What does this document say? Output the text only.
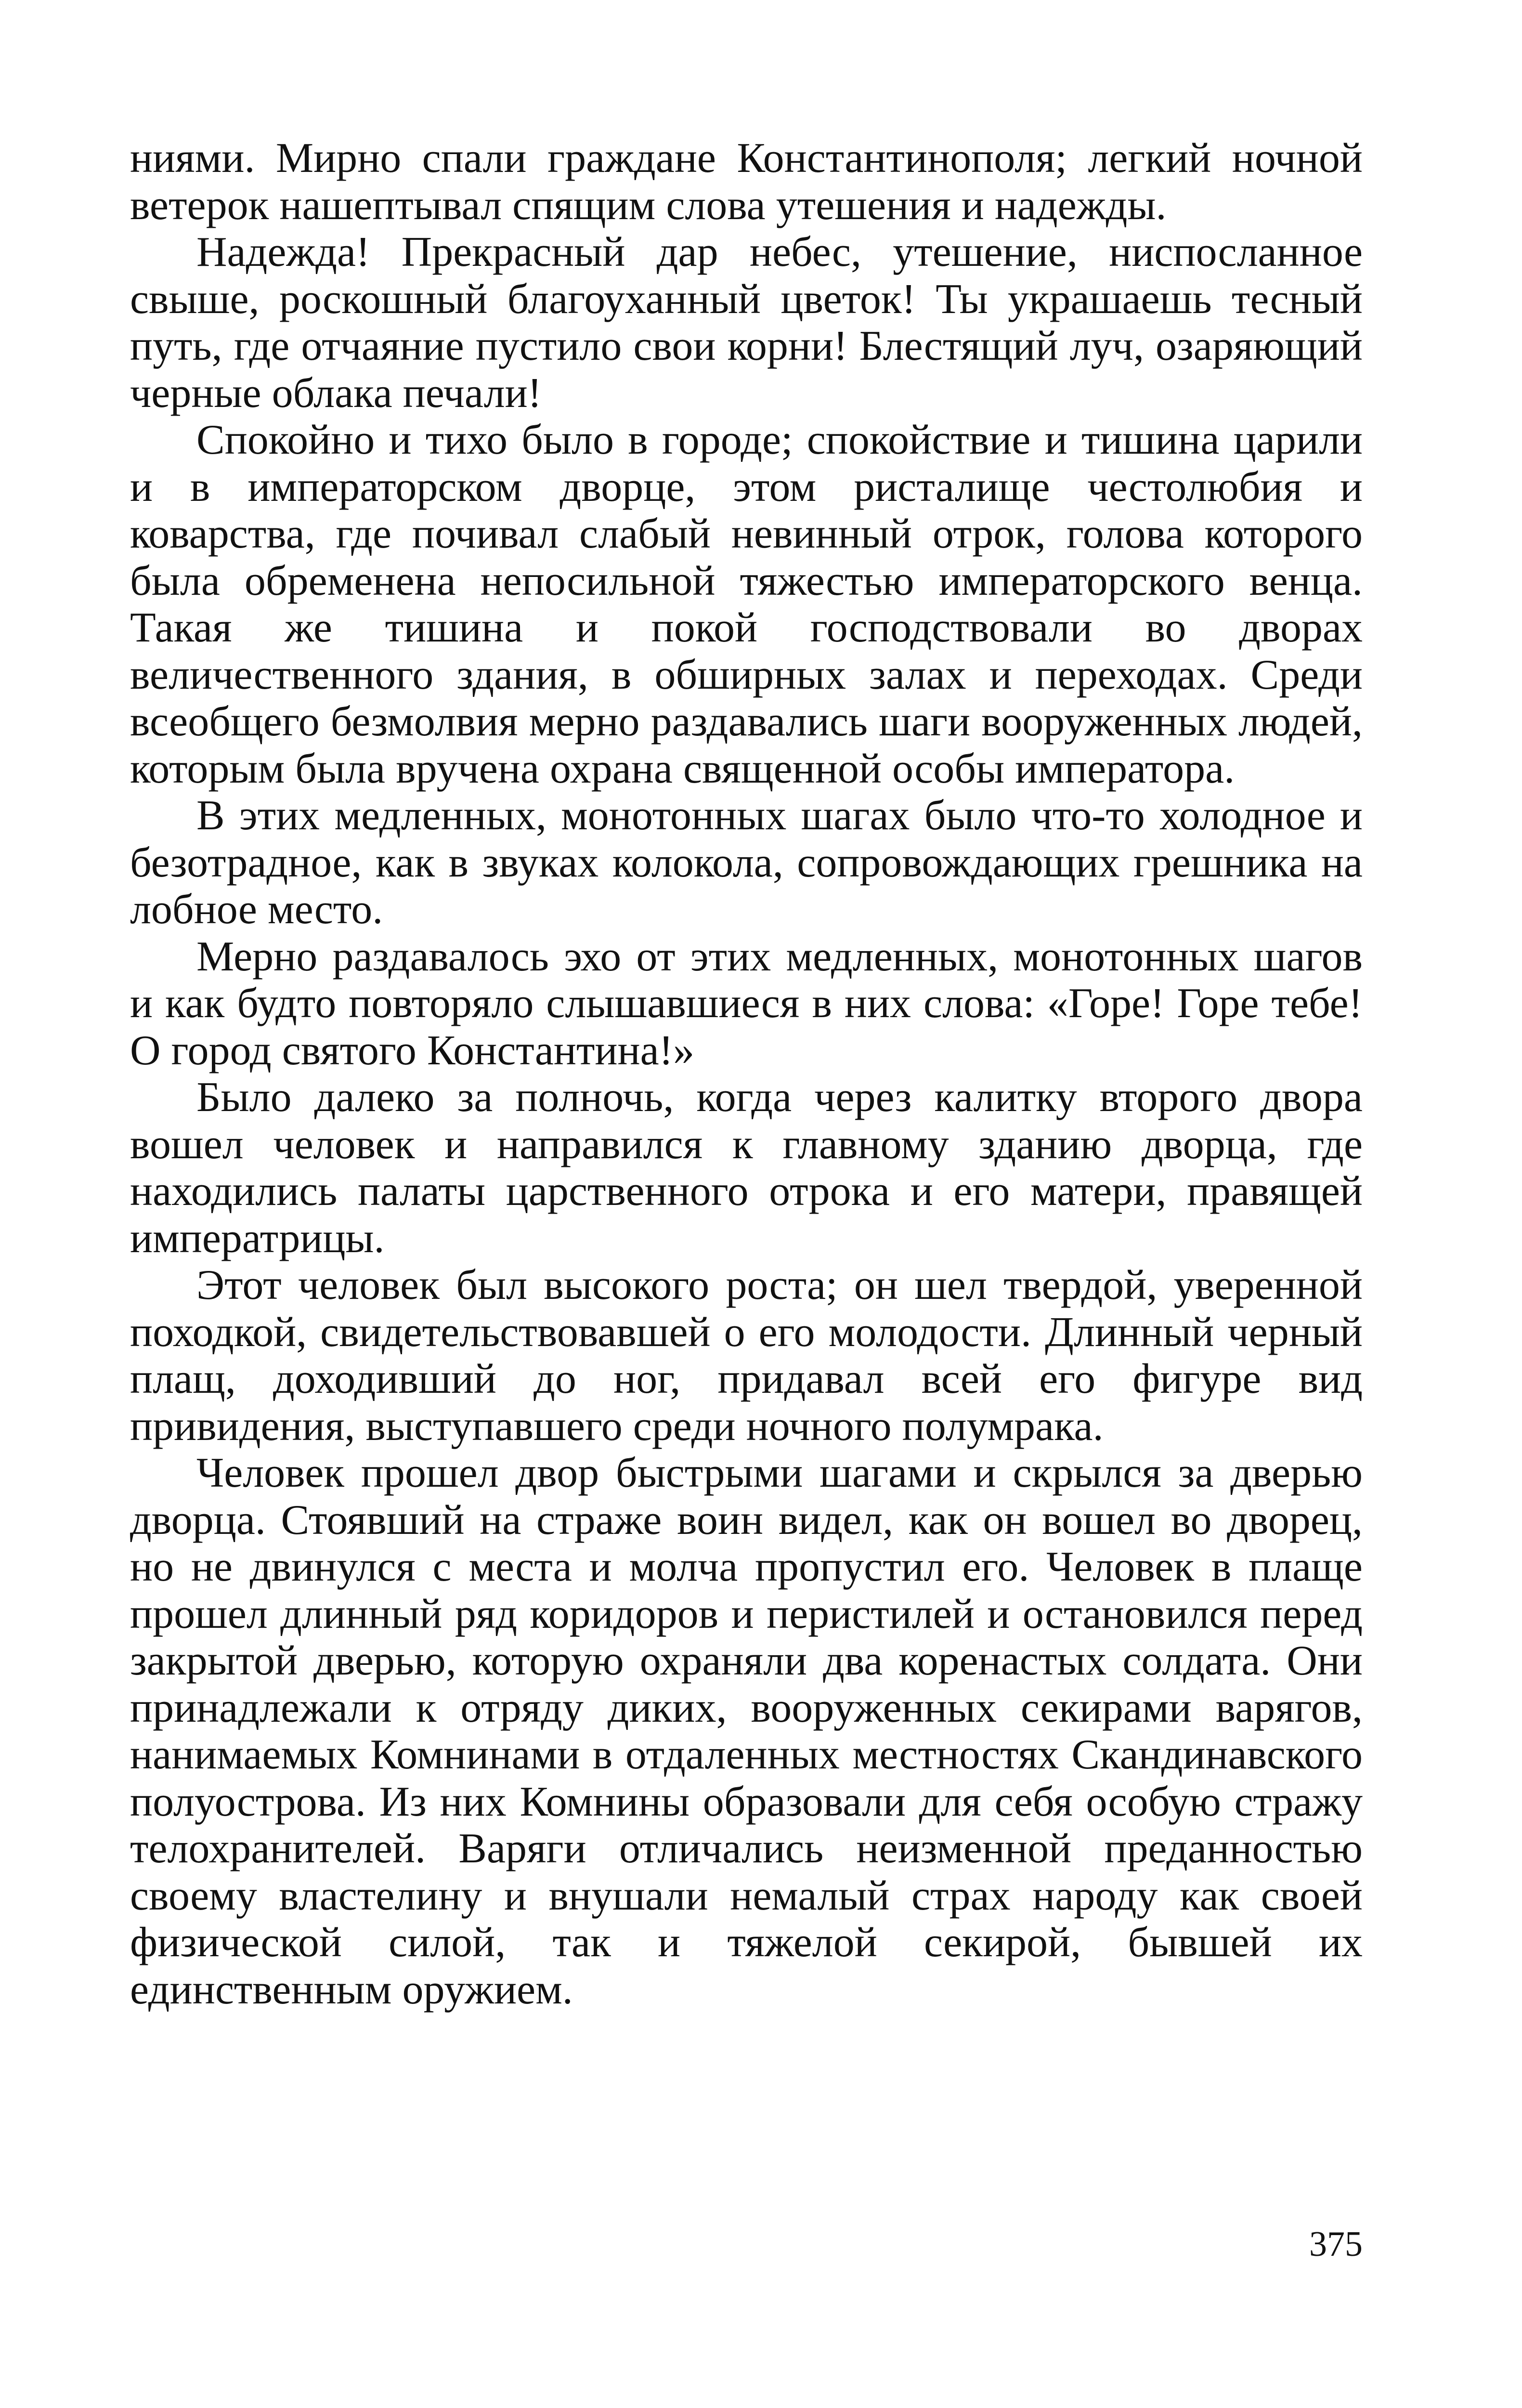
ниями. Мирно спали граждане Константинополя; легкий ночной ветерок нашептывал спящим слова утешения и надежды.

Надежда! Прекрасный дар небес, утешение, ниспосланное свыше, роскошный благоуханный цветок! Ты украшаешь тесный путь, где отчаяние пустило свои корни! Блестящий луч, озаряющий черные облака печали!

Спокойно и тихо было в городе; спокойствие и тишина царили и в императорском дворце, этом ристалище честолюбия и коварства, где почивал слабый невинный отрок, голова которого была обременена непосильной тяжестью императорского венца. Такая же тишина и покой господствовали во дворах величественного здания, в обширных залах и переходах. Среди всеобщего безмолвия мерно раздавались шаги вооруженных людей, которым была вручена охрана священной особы императора.

В этих медленных, монотонных шагах было что-то холодное и безотрадное, как в звуках колокола, сопровождающих грешника на лобное место.

Мерно раздавалось эхо от этих медленных, монотонных шагов и как будто повторяло слышавшиеся в них слова: «Горе! Горе тебе! О город святого Константина!»

Было далеко за полночь, когда через калитку второго двора вошел человек и направился к главному зданию дворца, где находились палаты царственного отрока и его матери, правящей императрицы.

Этот человек был высокого роста; он шел твердой, уверенной походкой, свидетельствовавшей о его молодости. Длинный черный плащ, доходивший до ног, придавал всей его фигуре вид привидения, выступавшего среди ночного полумрака.

Человек прошел двор быстрыми шагами и скрылся за дверью дворца. Стоявший на страже воин видел, как он вошел во дворец, но не двинулся с места и молча пропустил его. Человек в плаще прошел длинный ряд коридоров и перистилей и остановился перед закрытой дверью, которую охраняли два коренастых солдата. Они принадлежали к отряду диких, вооруженных секирами варягов, нанимаемых Комнинами в отдаленных местностях Скандинавского полуострова. Из них Комнины образовали для себя особую стражу телохранителей. Варяги отличались неизменной преданностью своему властелину и внушали немалый страх народу как своей физической силой, так и тяжелой секирой, бывшей их единственным оружием.

375
